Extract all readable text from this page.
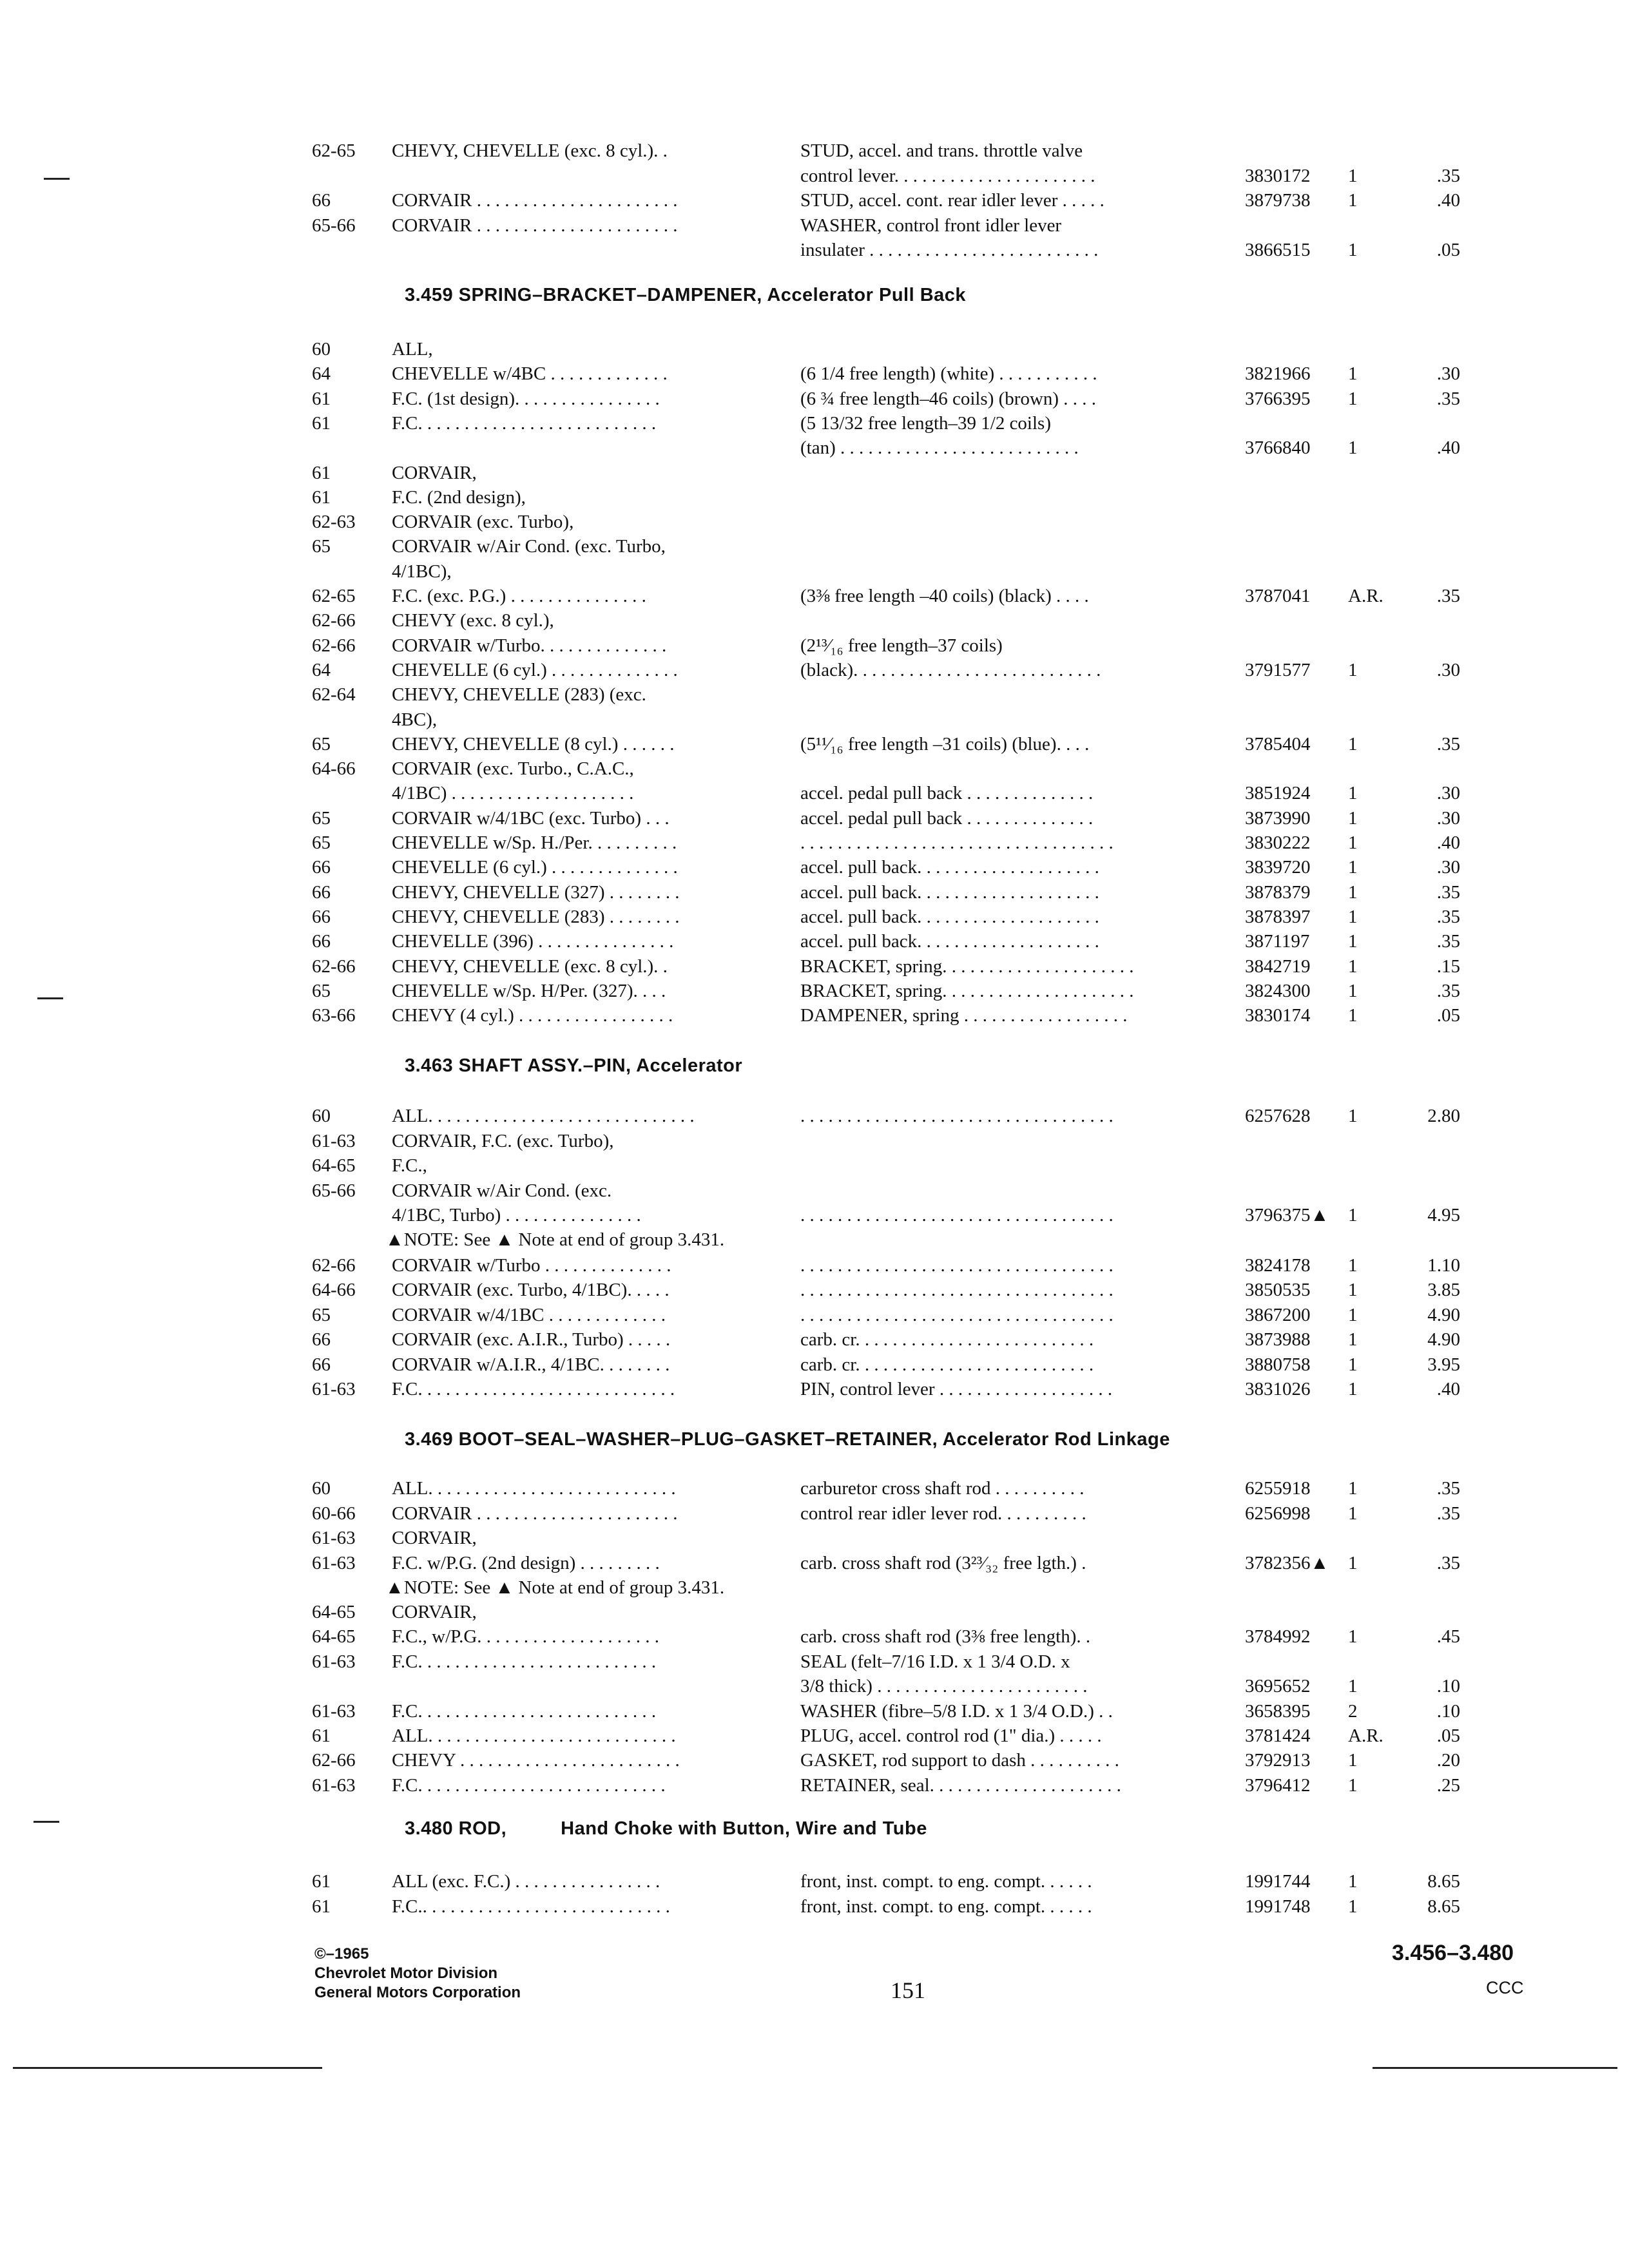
62-65	CHEVY, CHEVELLE (exc. 8 cyl.). .	STUD, accel. and trans. throttle valve
control lever. . . . . . . . . . . . . . . . . . . . . .	3830172	1	.35
66	CORVAIR . . . . . . . . . . . . . . . . . . . . . .	STUD, accel. cont. rear idler lever . . . . .	3879738	1	.40
65-66	CORVAIR . . . . . . . . . . . . . . . . . . . . . .	WASHER, control front idler lever
insulater . . . . . . . . . . . . . . . . . . . . . . . . .	3866515	1	.05
3.459 SPRING–BRACKET–DAMPENER, Accelerator Pull Back
60	ALL,
64	CHEVELLE w/4BC . . . . . . . . . . . . .	(6 1/4 free length) (white) . . . . . . . . . . .	3821966	1	.30
61	F.C. (1st design). . . . . . . . . . . . . . . .	(6 ¾ free length–46 coils) (brown) . . . .	3766395	1	.35
61	F.C. . . . . . . . . . . . . . . . . . . . . . . . . .	(5 13/32 free length–39 1/2 coils)
(tan) . . . . . . . . . . . . . . . . . . . . . . . . . .	3766840	1	.40
61	CORVAIR,
61	F.C. (2nd design),
62-63	CORVAIR (exc. Turbo),
65	CORVAIR w/Air Cond. (exc. Turbo,
4/1BC),
62-65	F.C. (exc. P.G.) . . . . . . . . . . . . . . .	(3⅜ free length –40 coils) (black) . . . .	3787041	A.R.	.35
62-66	CHEVY (exc. 8 cyl.),
62-66	CORVAIR w/Turbo. . . . . . . . . . . . . .	(2¹³⁄₁₆ free length–37 coils)
64	CHEVELLE (6 cyl.) . . . . . . . . . . . . . .	(black). . . . . . . . . . . . . . . . . . . . . . . . . . .	3791577	1	.30
62-64	CHEVY, CHEVELLE (283) (exc.
4BC),
65	CHEVY, CHEVELLE (8 cyl.) . . . . . .	(5¹¹⁄₁₆ free length –31 coils) (blue). . . .	3785404	1	.35
64-66	CORVAIR (exc. Turbo., C.A.C.,
4/1BC) . . . . . . . . . . . . . . . . . . . .	accel. pedal pull back . . . . . . . . . . . . . .	3851924	1	.30
65	CORVAIR w/4/1BC (exc. Turbo) . . .	accel. pedal pull back . . . . . . . . . . . . . .	3873990	1	.30
65	CHEVELLE w/Sp. H./Per. . . . . . . . . .	. . . . . . . . . . . . . . . . . . . . . . . . . . . . . . . . . .	3830222	1	.40
66	CHEVELLE (6 cyl.) . . . . . . . . . . . . . .	accel. pull back. . . . . . . . . . . . . . . . . . . .	3839720	1	.30
66	CHEVY, CHEVELLE (327) . . . . . . . .	accel. pull back. . . . . . . . . . . . . . . . . . . .	3878379	1	.35
66	CHEVY, CHEVELLE (283) . . . . . . . .	accel. pull back. . . . . . . . . . . . . . . . . . . .	3878397	1	.35
66	CHEVELLE (396) . . . . . . . . . . . . . . .	accel. pull back. . . . . . . . . . . . . . . . . . . .	3871197	1	.35
62-66	CHEVY, CHEVELLE (exc. 8 cyl.). .	BRACKET, spring. . . . . . . . . . . . . . . . . . . . .	3842719	1	.15
65	CHEVELLE w/Sp. H/Per. (327). . . .	BRACKET, spring. . . . . . . . . . . . . . . . . . . . .	3824300	1	.35
63-66	CHEVY (4 cyl.) . . . . . . . . . . . . . . . . .	DAMPENER, spring . . . . . . . . . . . . . . . . . .	3830174	1	.05
3.463 SHAFT ASSY.–PIN, Accelerator
60	ALL. . . . . . . . . . . . . . . . . . . . . . . . . . . . .	. . . . . . . . . . . . . . . . . . . . . . . . . . . . . . . . . .	6257628	1	2.80
61-63	CORVAIR, F.C. (exc. Turbo),
64-65	F.C.,
65-66	CORVAIR w/Air Cond. (exc.
4/1BC, Turbo) . . . . . . . . . . . . . . .	. . . . . . . . . . . . . . . . . . . . . . . . . . . . . . . . . .	3796375▲	1	4.95
▲NOTE: See ▲ Note at end of group 3.431.
62-66	CORVAIR w/Turbo . . . . . . . . . . . . . .	. . . . . . . . . . . . . . . . . . . . . . . . . . . . . . . . . .	3824178	1	1.10
64-66	CORVAIR (exc. Turbo, 4/1BC). . . . .	. . . . . . . . . . . . . . . . . . . . . . . . . . . . . . . . . .	3850535	1	3.85
65	CORVAIR w/4/1BC . . . . . . . . . . . . .	. . . . . . . . . . . . . . . . . . . . . . . . . . . . . . . . . .	3867200	1	4.90
66	CORVAIR (exc. A.I.R., Turbo) . . . . .	carb. cr. . . . . . . . . . . . . . . . . . . . . . . . . .	3873988	1	4.90
66	CORVAIR w/A.I.R., 4/1BC. . . . . . . .	carb. cr. . . . . . . . . . . . . . . . . . . . . . . . . .	3880758	1	3.95
61-63	F.C. . . . . . . . . . . . . . . . . . . . . . . . . . . .	PIN, control lever . . . . . . . . . . . . . . . . . . .	3831026	1	.40
3.469 BOOT–SEAL–WASHER–PLUG–GASKET–RETAINER, Accelerator Rod Linkage
60	ALL. . . . . . . . . . . . . . . . . . . . . . . . . . .	carburetor cross shaft rod . . . . . . . . . .	6255918	1	.35
60-66	CORVAIR . . . . . . . . . . . . . . . . . . . . . .	control rear idler lever rod. . . . . . . . . .	6256998	1	.35
61-63	CORVAIR,
61-63	F.C. w/P.G. (2nd design) . . . . . . . . .	carb. cross shaft rod (3²³⁄₃₂ free lgth.) .	3782356▲	1	.35
▲NOTE: See ▲ Note at end of group 3.431.
64-65	CORVAIR,
64-65	F.C., w/P.G. . . . . . . . . . . . . . . . . . . .	carb. cross shaft rod (3⅜ free length). .	3784992	1	.45
61-63	F.C. . . . . . . . . . . . . . . . . . . . . . . . . .	SEAL (felt–7/16 I.D. x 1 3/4 O.D. x
3/8 thick) . . . . . . . . . . . . . . . . . . . . . . .	3695652	1	.10
61-63	F.C. . . . . . . . . . . . . . . . . . . . . . . . . .	WASHER (fibre–5/8 I.D. x 1 3/4 O.D.) . .	3658395	2	.10
61	ALL. . . . . . . . . . . . . . . . . . . . . . . . . . .	PLUG, accel. control rod (1" dia.) . . . . .	3781424	A.R.	.05
62-66	CHEVY . . . . . . . . . . . . . . . . . . . . . . . .	GASKET, rod support to dash . . . . . . . . . .	3792913	1	.20
61-63	F.C. . . . . . . . . . . . . . . . . . . . . . . . . . .	RETAINER, seal. . . . . . . . . . . . . . . . . . . . .	3796412	1	.25
3.480 ROD,	Hand Choke with Button, Wire and Tube
61	ALL (exc. F.C.) . . . . . . . . . . . . . . . .	front, inst. compt. to eng. compt. . . . . .	1991744	1	8.65
61	F.C.. . . . . . . . . . . . . . . . . . . . . . . . . . .	front, inst. compt. to eng. compt. . . . . .	1991748	1	8.65
©–1965
Chevrolet Motor Division
General Motors Corporation	151
3.456–3.480
CCC
